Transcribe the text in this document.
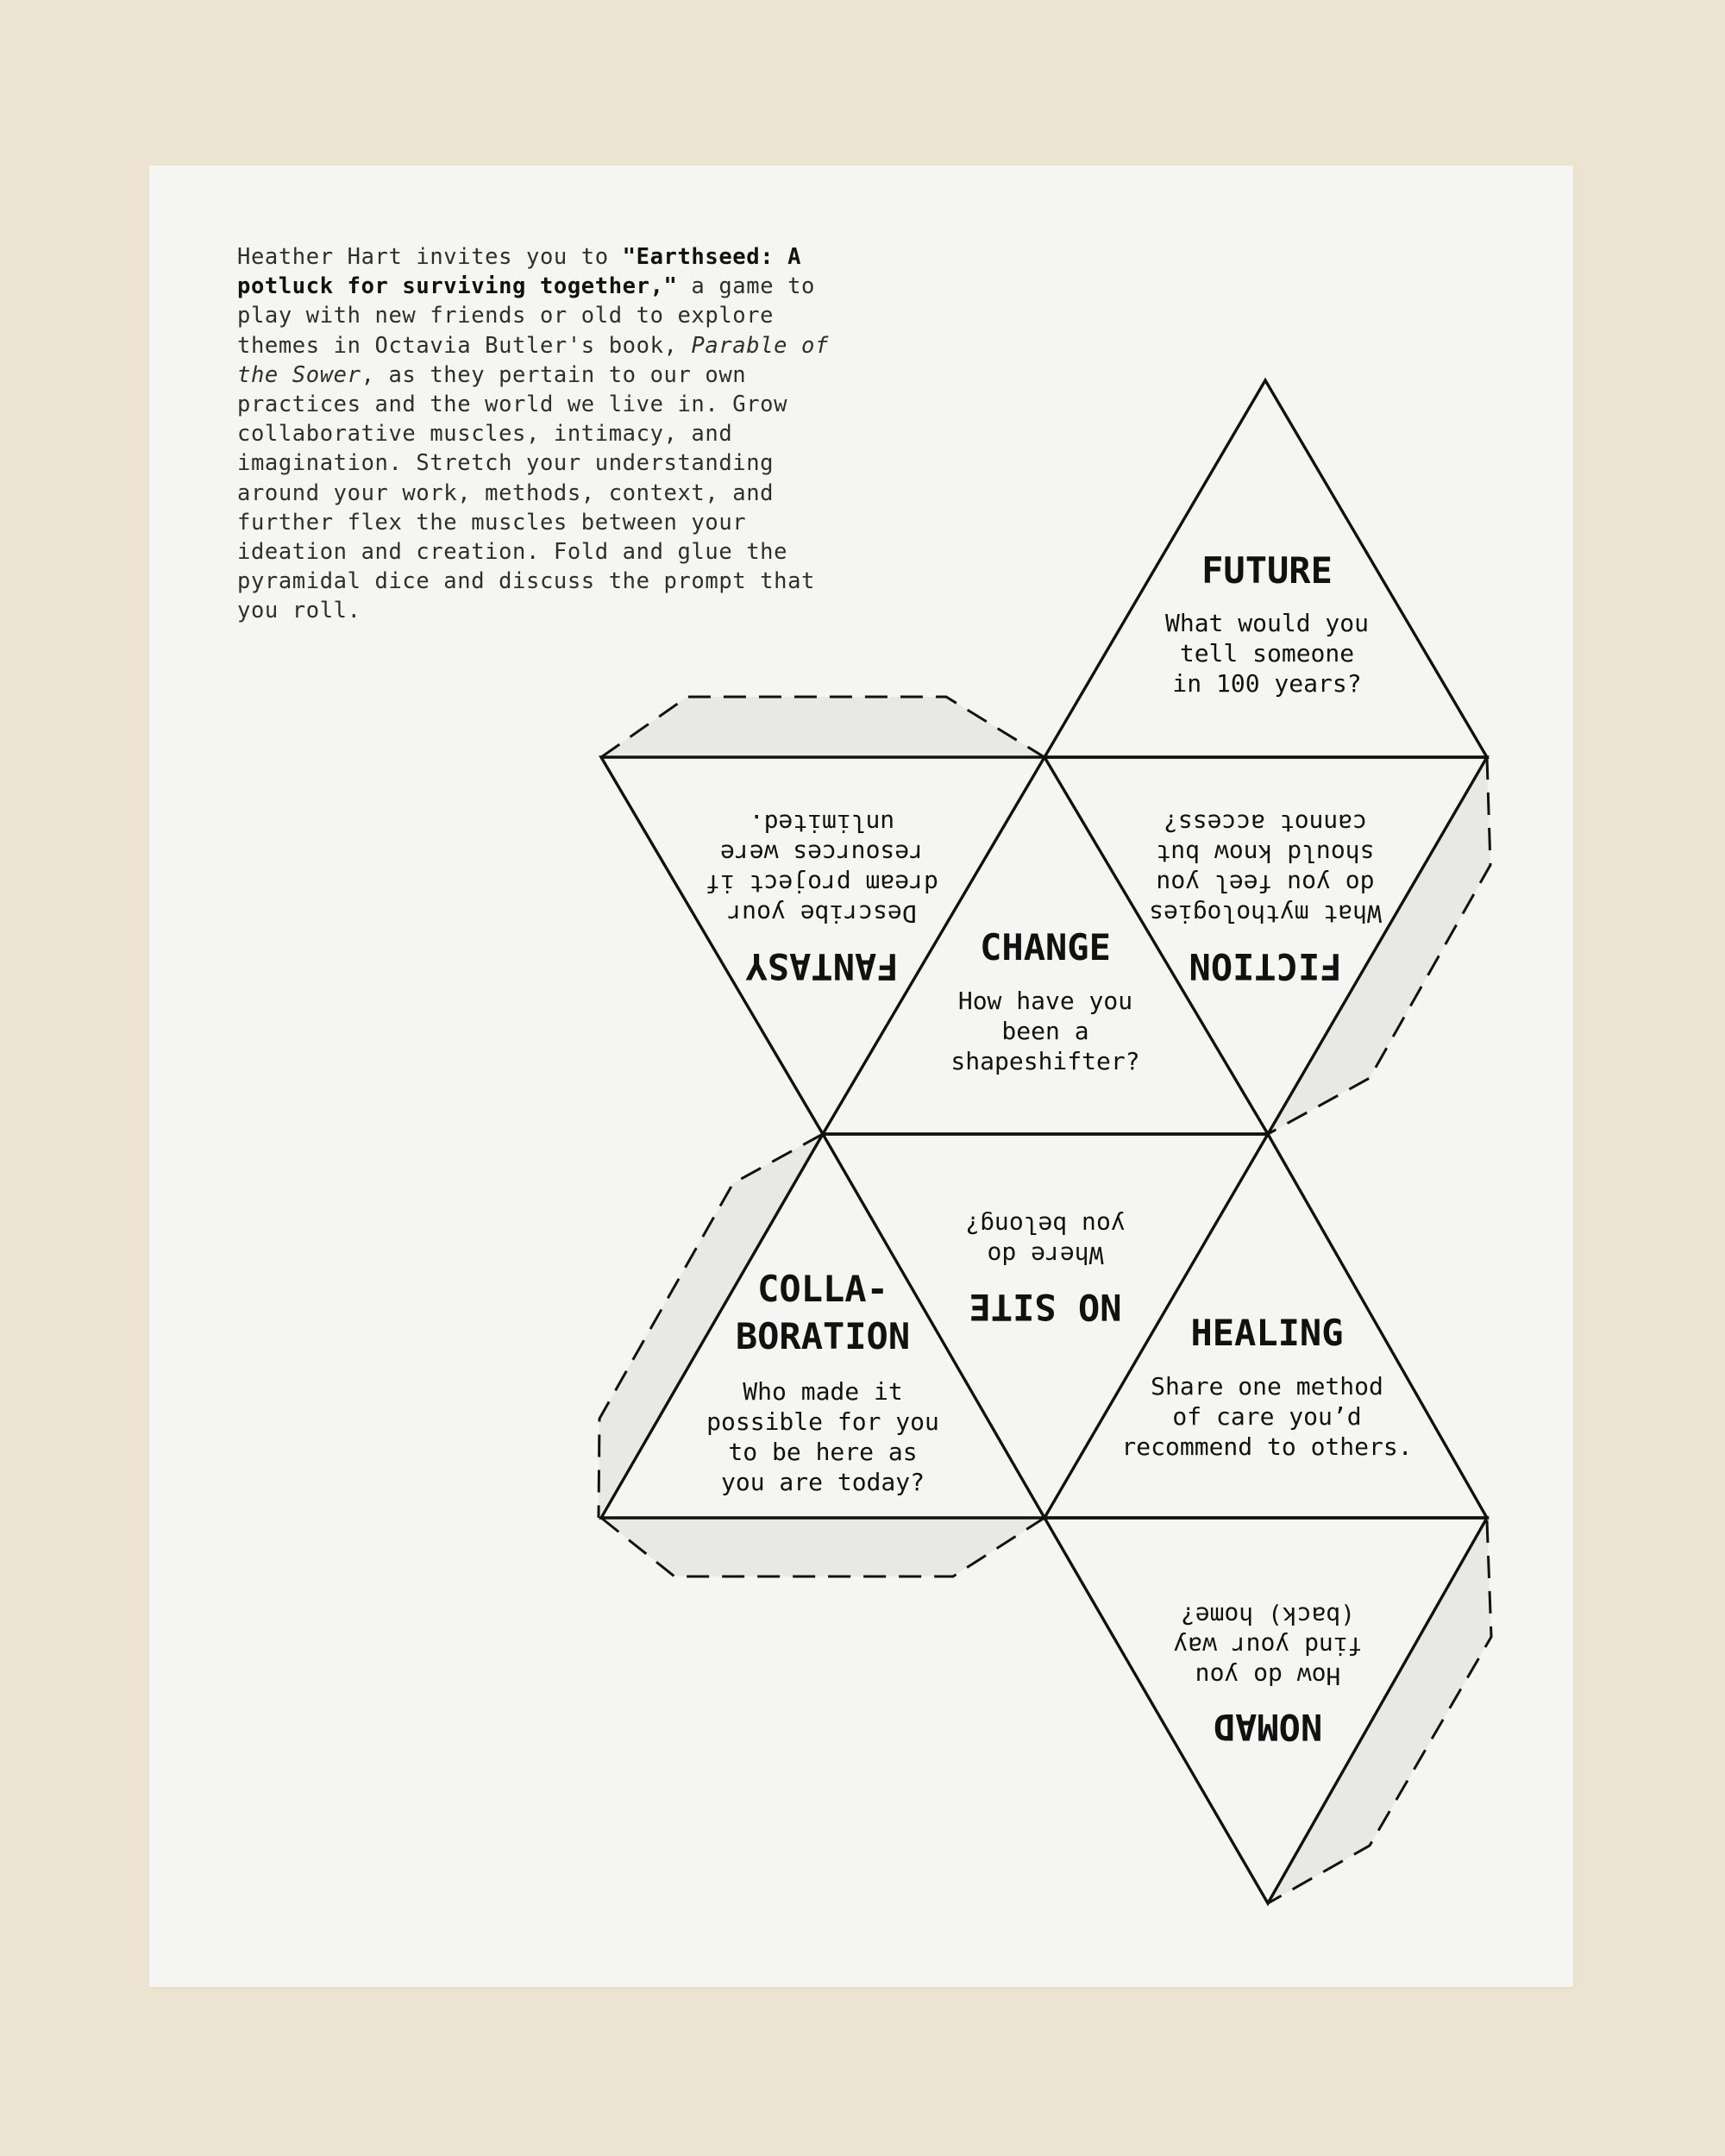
Heather Hart invites you to "Earthseed: A
potluck for surviving together," a game to
play with new friends or old to explore
themes in Octavia Butler's book, Parable of
the Sower, as they pertain to our own
practices and the world we live in. Grow
collaborative muscles, intimacy, and
imagination. Stretch your understanding
around your work, methods, context, and
further flex the muscles between your
ideation and creation. Fold and glue the
pyramidal dice and discuss the prompt that
you roll.

FUTURE
What would you
tell someone
in 100 years?
FANTASY
Describe your
dream project if
resources were
unlimited.
CHANGE
How have you
been a
shapeshifter?
FICTION
What mythologies
do you feel you
should know but
cannot access?
COLLA-
BORATION
Who made it
possible for you
to be here as
you are today?
NO SITE
Where do
you belong?
HEALING
Share one method
of care you’d
recommend to others.
NOMAD
How do you
find your way
(back) home?
